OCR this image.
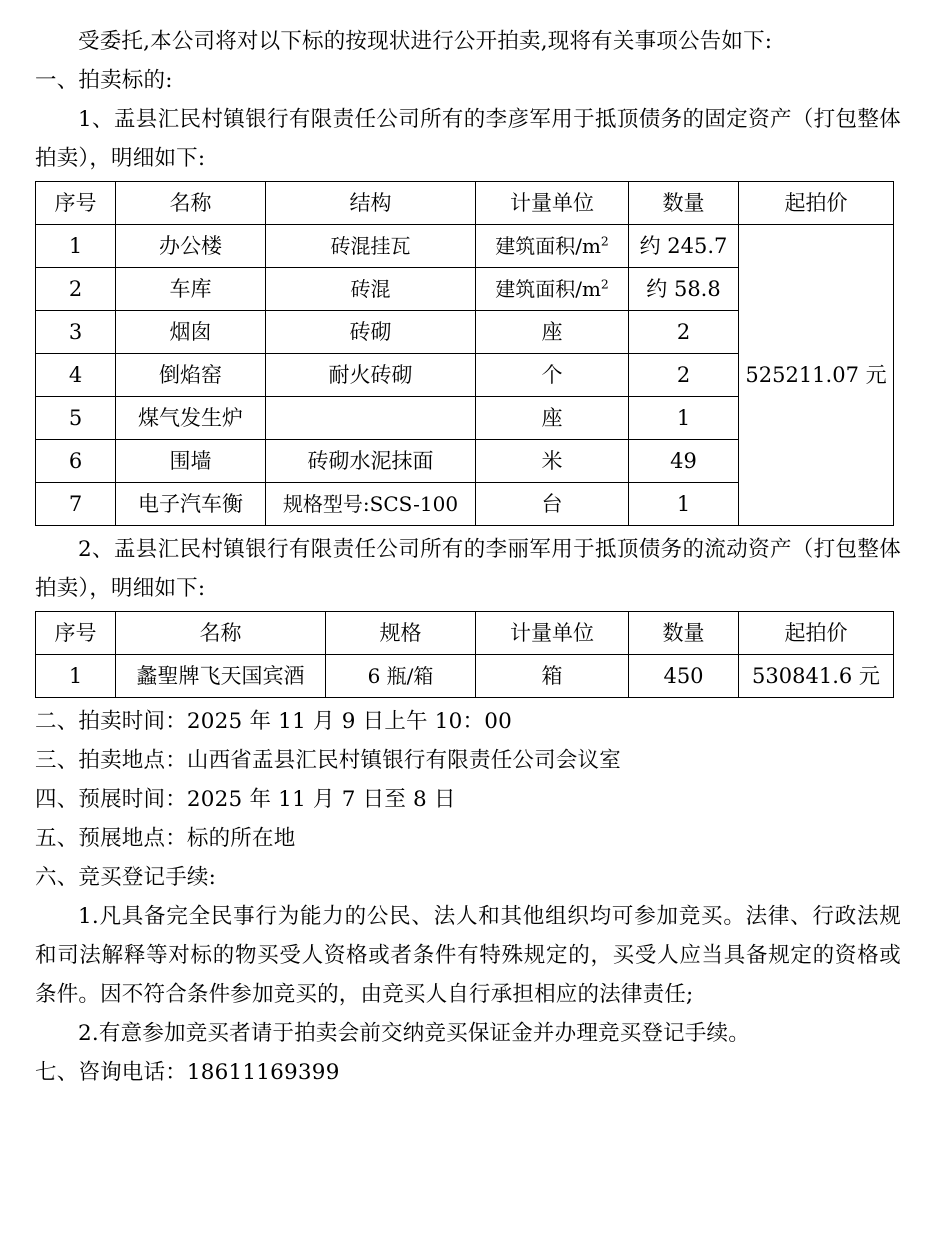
受委托,本公司将对以下标的按现状进行公开拍卖,现将有关事项公告如下:

一、拍卖标的:

1、盂县汇民村镇银行有限责任公司所有的李彦军用于抵顶债务的固定资产（打包整体拍卖），明细如下:

序号	名称	结构	计量单位	数量	起拍价
1	办公楼	砖混挂瓦	建筑面积$/m^2$	约 245.7	525211.07 元
2	车库	砖混	建筑面积$/m^2$	约 58.8	
3	烟囱	砖砌	座	2	
4	倒焰窑	耐火砖砌	个	2	
5	煤气发生炉		座	1	
6	围墙	砖砌水泥抹面	米	49	
7	电子汽车衡	规格型号:SCS-100	台	1	

2、盂县汇民村镇银行有限责任公司所有的李丽军用于抵顶债务的流动资产（打包整体拍卖），明细如下:

序号	名称	规格	计量单位	数量	起拍价
1	蠡聖牌飞天国宾酒	6 瓶/箱	箱	450	530841.6 元

二、拍卖时间：2025 年 11 月 9 日上午 10：00

三、拍卖地点：山西省盂县汇民村镇银行有限责任公司会议室

四、预展时间：2025 年 11 月 7 日至 8 日

五、预展地点：标的所在地

六、竞买登记手续:

1.凡具备完全民事行为能力的公民、法人和其他组织均可参加竞买。法律、行政法规和司法解释等对标的物买受人资格或者条件有特殊规定的，买受人应当具备规定的资格或条件。因不符合条件参加竞买的，由竞买人自行承担相应的法律责任;

2.有意参加竞买者请于拍卖会前交纳竞买保证金并办理竞买登记手续。

七、咨询电话：18611169399
